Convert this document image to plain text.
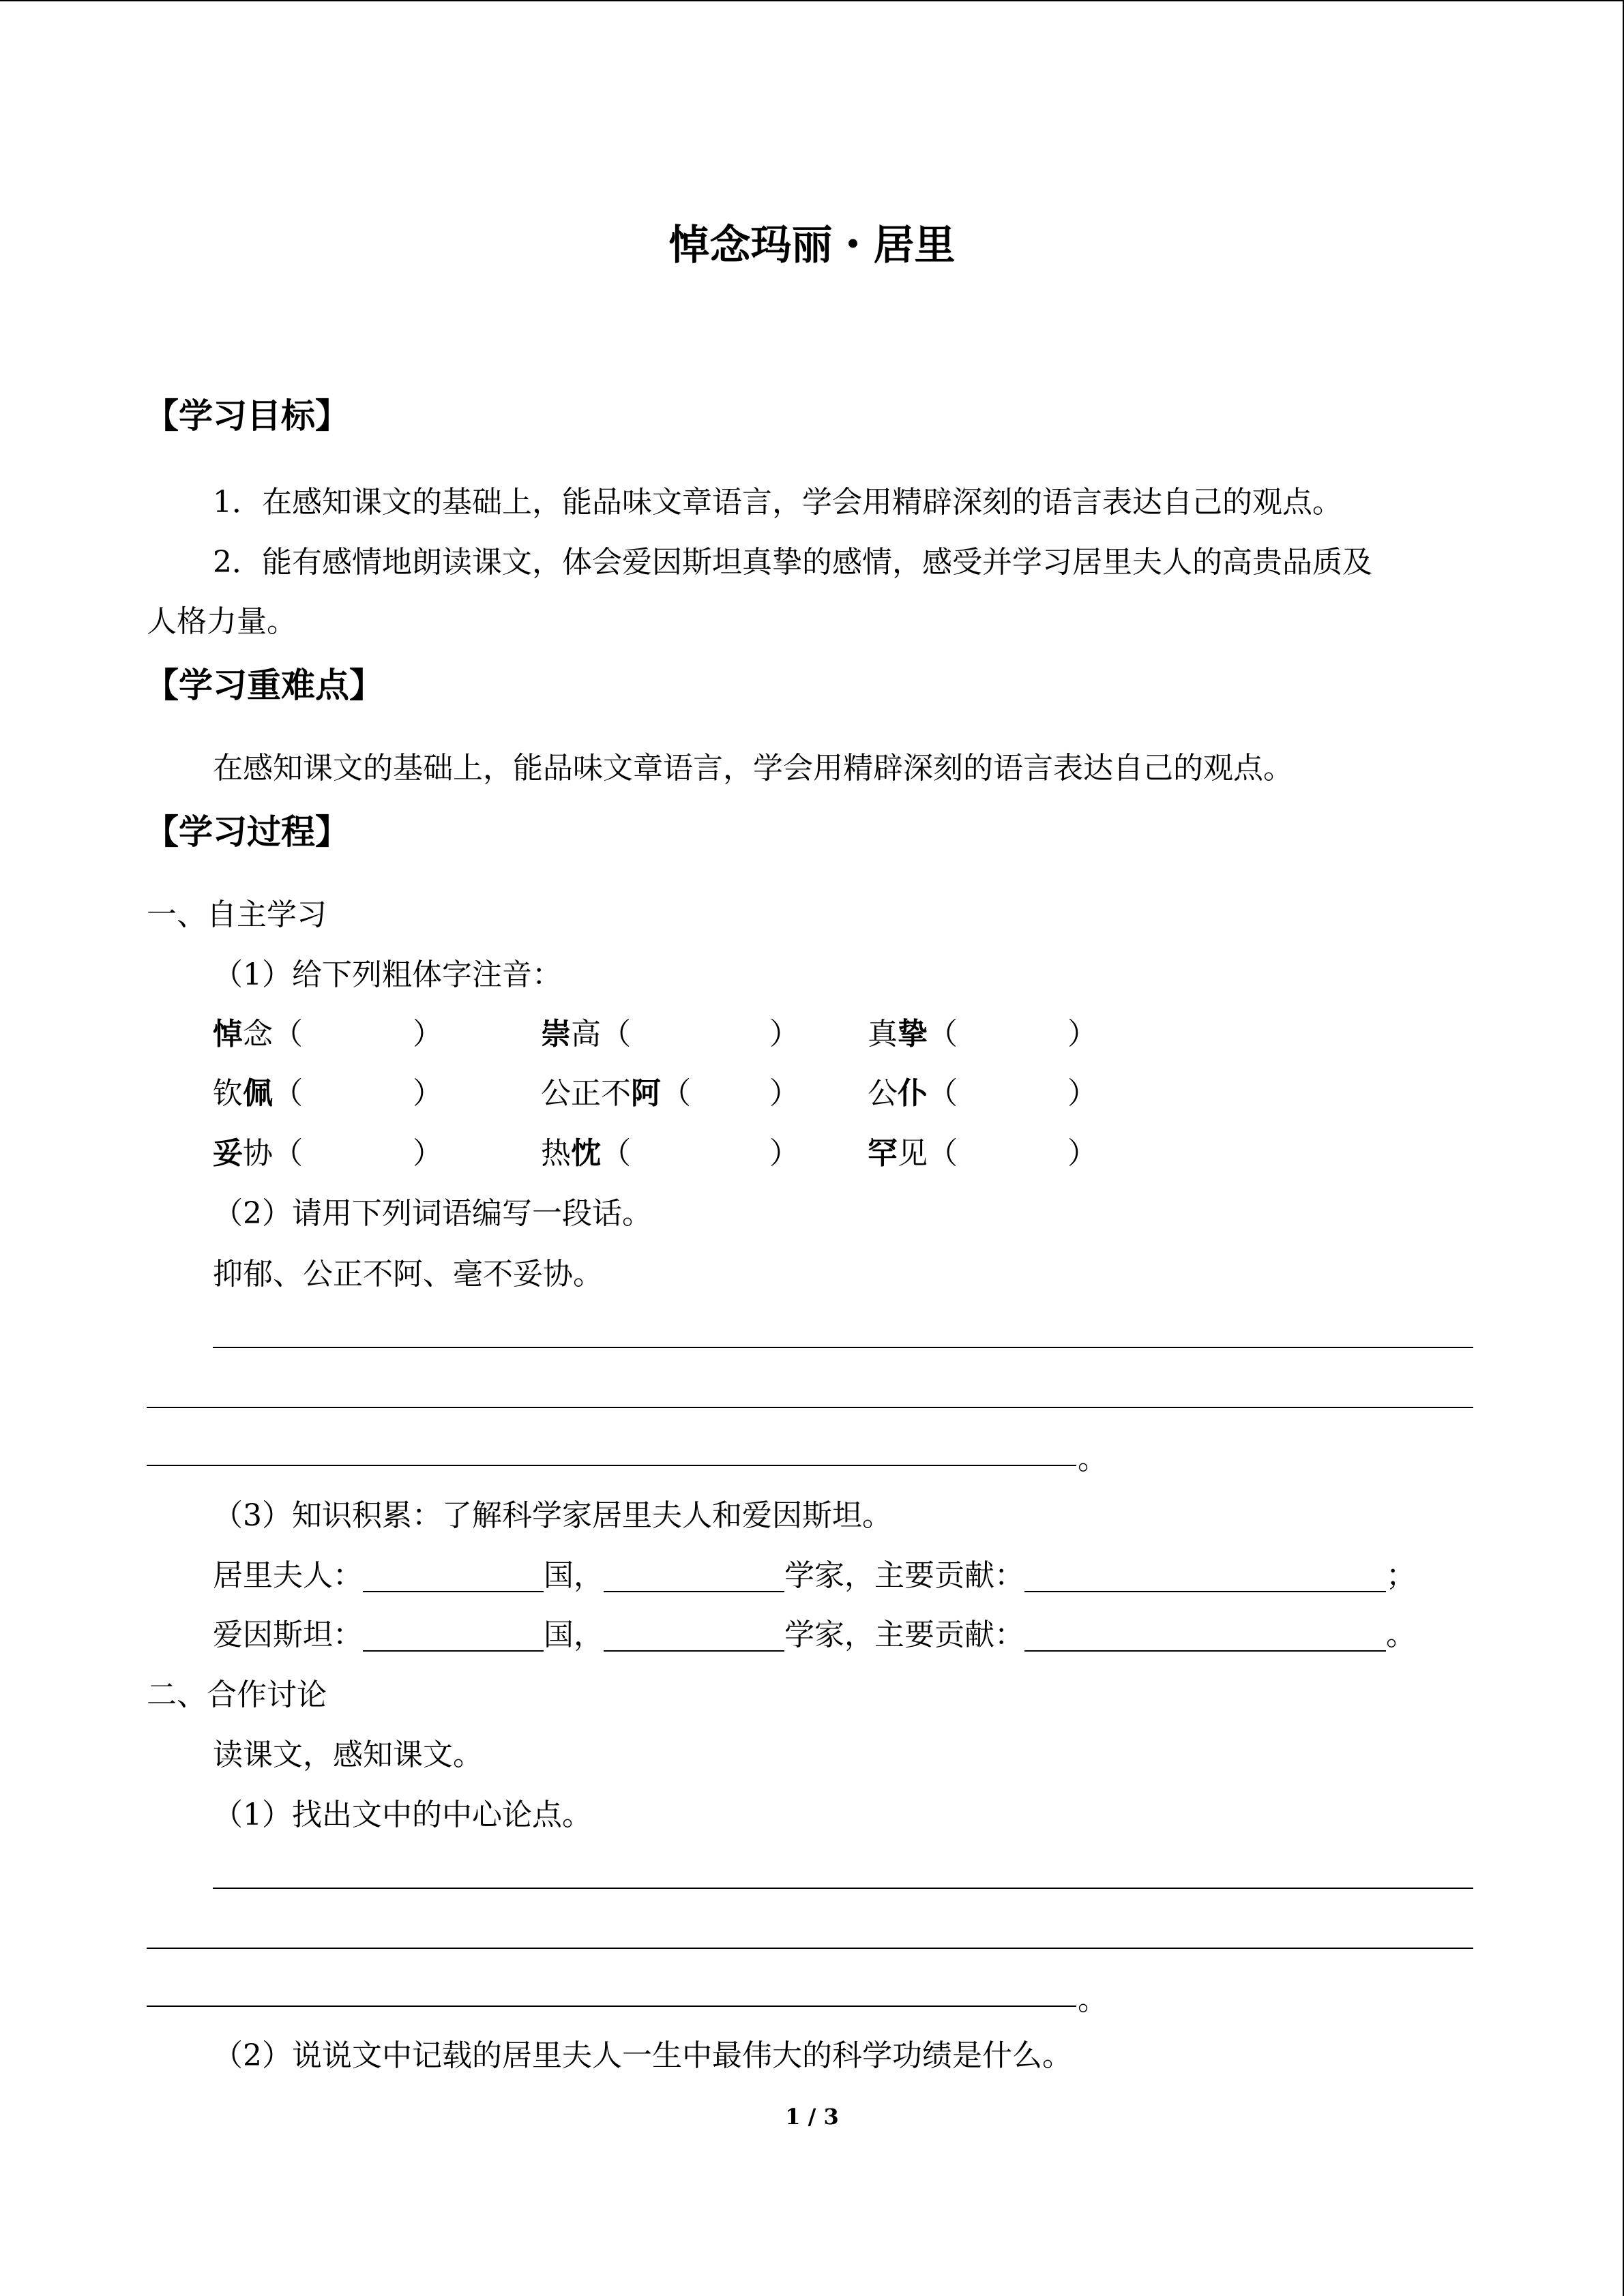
悼念玛丽・居里
【学习目标】
1．在感知课文的基础上，能品味文章语言，学会用精辟深刻的语言表达自己的观点。
2．能有感情地朗读课文，体会爱因斯坦真挚的感情，感受并学习居里夫人的高贵品质及
人格力量。
【学习重难点】
在感知课文的基础上，能品味文章语言，学会用精辟深刻的语言表达自己的观点。
【学习过程】
一、自主学习
（1）给下列粗体字注音：
悼念（	）	崇高（	） 真挚（	）
钦佩（	）	公正不阿（	） 公仆（	）
妥协（	）	热忱（	） 罕见（	）
（2）请用下列词语编写一段话。
抑郁、公正不阿、毫不妥协。
。
（3）知识积累：了解科学家居里夫人和爱因斯坦。
居里夫人：	国，	学家，主要贡献：	；
爱因斯坦：	国，	学家，主要贡献：	。
二、合作讨论
读课文，感知课文。
（1）找出文中的中心论点。
。
（2）说说文中记载的居里夫人一生中最伟大的科学功绩是什么。
1 / 3
